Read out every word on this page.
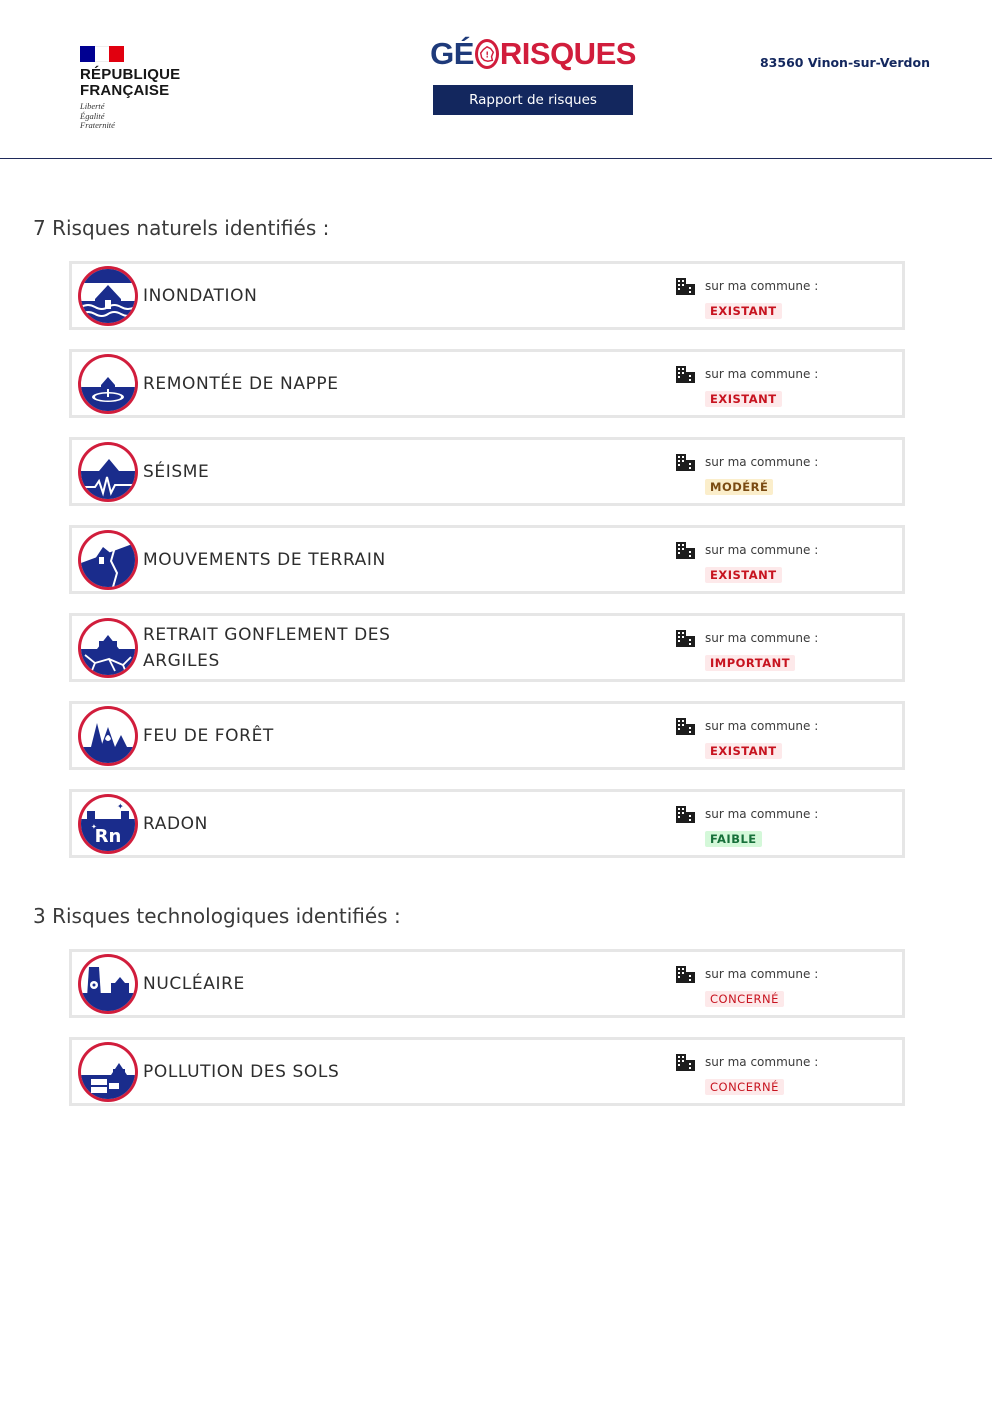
RÉPUBLIQUE
FRANÇAISE
Liberté
Égalité
Fraternité
GÉ ! RISQUES
Rapport de risques
83560 Vinon-sur-Verdon
7 Risques naturels identifiés :
INONDATION	sur ma commune :
EXISTANT
REMONTÉE DE NAPPE	sur ma commune :
EXISTANT
SÉISME	sur ma commune :
MODÉRÉ
MOUVEMENTS DE TERRAIN	sur ma commune :
EXISTANT
RETRAIT GONFLEMENT DES ARGILES
sur ma commune :
IMPORTANT
FEU DE FORÊT	sur ma commune :
EXISTANT
Rn
✦
✦	RADON	sur ma commune :
FAIBLE
3 Risques technologiques identifiés :
NUCLÉAIRE	sur ma commune :
CONCERNÉ
POLLUTION DES SOLS	sur ma commune :
CONCERNÉ
